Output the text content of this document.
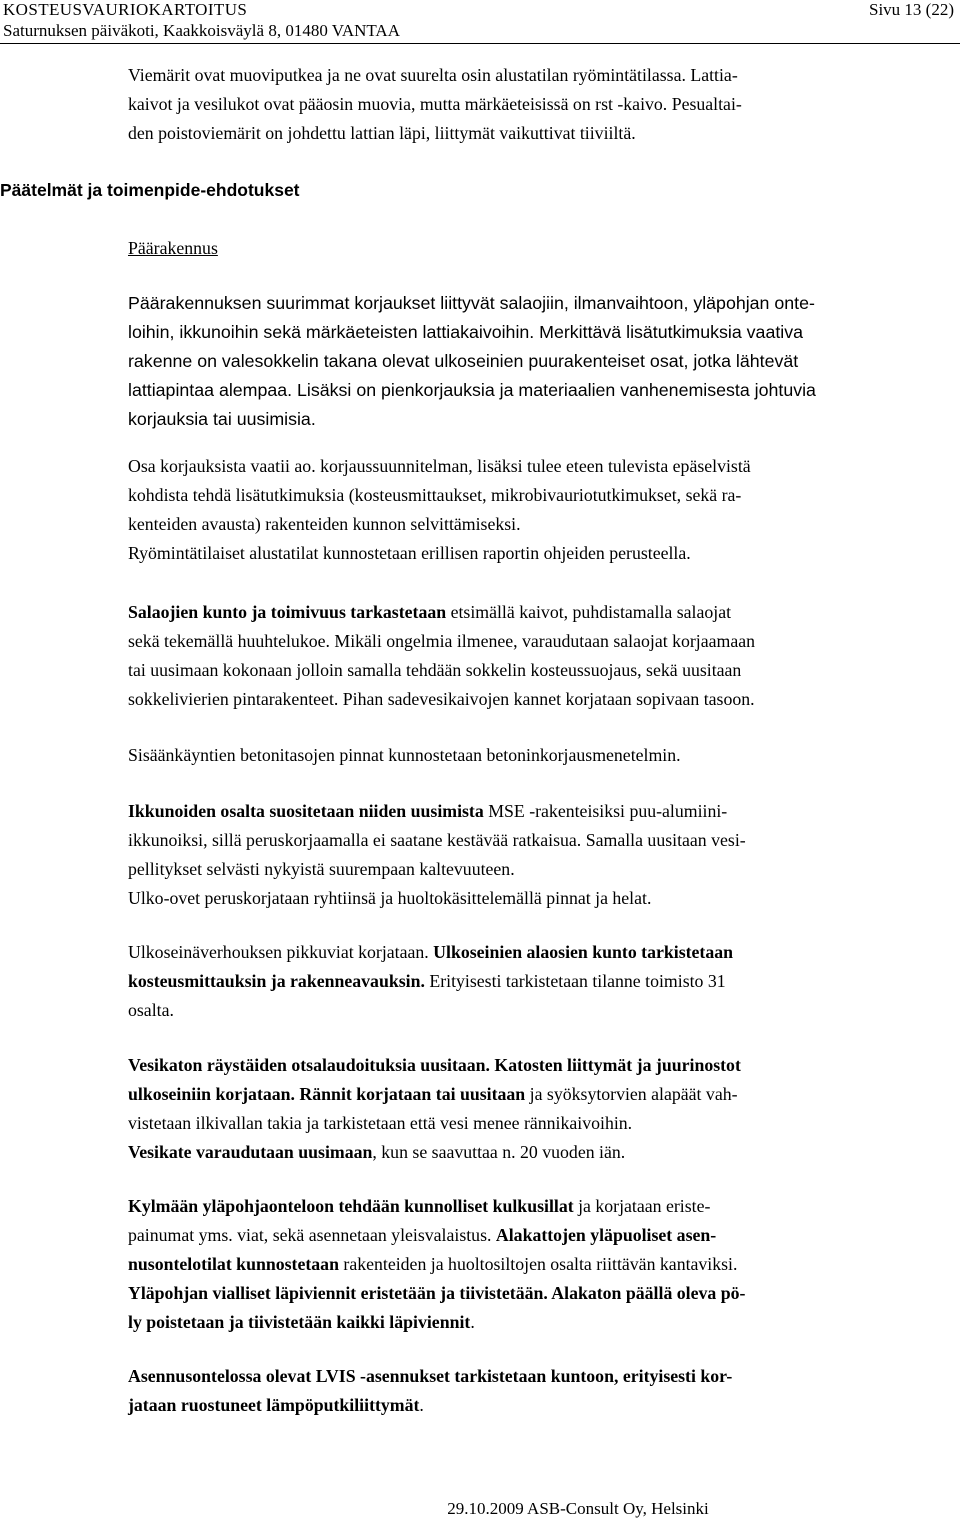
KOSTEUSVAURIOKARTOITUS	Sivu 13 (22)
Saturnuksen päiväkoti, Kaakkoisväylä 8, 01480 VANTAA
Viemärit ovat muoviputkea ja ne ovat suurelta osin alustatilan ryömintätilassa. Lattia-
kaivot ja vesilukot ovat pääosin muovia, mutta märkäeteisissä on rst -kaivo. Pesualtai-
den poistoviemärit on johdettu lattian läpi, liittymät vaikuttivat tiiviiltä.
Päätelmät ja toimenpide-ehdotukset
Päärakennus
Päärakennuksen suurimmat korjaukset liittyvät salaojiin, ilmanvaihtoon, yläpohjan onte-
loihin, ikkunoihin sekä märkäeteisten lattiakaivoihin. Merkittävä lisätutkimuksia vaativa
rakenne on valesokkelin takana olevat ulkoseinien puurakenteiset osat, jotka lähtevät
lattiapintaa alempaa. Lisäksi on pienkorjauksia ja materiaalien vanhenemisesta johtuvia
korjauksia tai uusimisia.
Osa korjauksista vaatii ao. korjaussuunnitelman, lisäksi tulee eteen tulevista epäselvistä
kohdista tehdä lisätutkimuksia (kosteusmittaukset, mikrobivauriotutkimukset, sekä ra-
kenteiden avausta) rakenteiden kunnon selvittämiseksi.
Ryömintätilaiset alustatilat kunnostetaan erillisen raportin ohjeiden perusteella.
Salaojien kunto ja toimivuus tarkastetaan etsimällä kaivot, puhdistamalla salaojat
sekä tekemällä huuhtelukoe. Mikäli ongelmia ilmenee, varaudutaan salaojat korjaamaan
tai uusimaan kokonaan jolloin samalla tehdään sokkelin kosteussuojaus, sekä uusitaan
sokkelivierien pintarakenteet. Pihan sadevesikaivojen kannet korjataan sopivaan tasoon.
Sisäänkäyntien betonitasojen pinnat kunnostetaan betoninkorjausmenetelmin.
Ikkunoiden osalta suositetaan niiden uusimista MSE -rakenteisiksi puu-alumiini-
ikkunoiksi, sillä peruskorjaamalla ei saatane kestävää ratkaisua. Samalla uusitaan vesi-
pellitykset selvästi nykyistä suurempaan kaltevuuteen.
Ulko-ovet peruskorjataan ryhtiinsä ja huoltokäsittelemällä pinnat ja helat.
Ulkoseinäverhouksen pikkuviat korjataan. Ulkoseinien alaosien kunto tarkistetaan
kosteusmittauksin ja rakenneavauksin. Erityisesti tarkistetaan tilanne toimisto 31
osalta.
Vesikaton räystäiden otsalaudoituksia uusitaan. Katosten liittymät ja juurinostot
ulkoseiniin korjataan. Rännit korjataan tai uusitaan ja syöksytorvien alapäät vah-
vistetaan ilkivallan takia ja tarkistetaan että vesi menee rännikaivoihin.
Vesikate varaudutaan uusimaan, kun se saavuttaa n. 20 vuoden iän.
Kylmään yläpohjaonteloon tehdään kunnolliset kulkusillat ja korjataan eriste-
painumat yms. viat, sekä asennetaan yleisvalaistus. Alakattojen yläpuoliset asen-
nusontelotilat kunnostetaan rakenteiden ja huoltosiltojen osalta riittävän kantaviksi.
Yläpohjan vialliset läpiviennit eristetään ja tiivistetään. Alakaton päällä oleva pö-
ly poistetaan ja tiivistetään kaikki läpiviennit.
Asennusontelossa olevat LVIS -asennukset tarkistetaan kuntoon, erityisesti kor-
jataan ruostuneet lämpöputkiliittymät.
29.10.2009 ASB-Consult Oy, Helsinki
